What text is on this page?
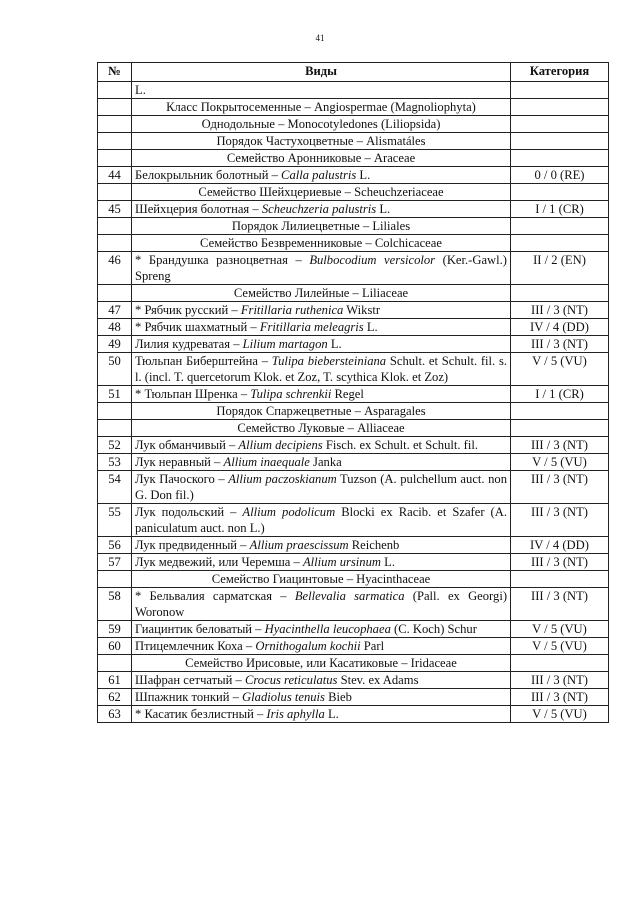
41
№	Виды	Категория
	L.	
	Класс Покрытосеменные – Angiospermae (Magnoliophyta)	
	Однодольные – Monocotyledones (Liliopsida)	
	Порядок Частухоцветные – Alismatáles	
	Семейство Аронниковые – Araceae	
44	Белокрыльник болотный – Calla palustris L.	0 / 0 (RE)
	Семейство Шейхцериевые – Scheuchzeriaceae	
45	Шейхцерия болотная – Scheuchzeria palustris L.	I / 1 (CR)
	Порядок Лилиецветные – Liliales	
	Семейство Безвременниковые – Colchicaceae	
46	* Брандушка разноцветная – Bulbocodium versicolor (Ker.-Gawl.) Spreng	II / 2 (EN)
	Семейство Лилейные – Liliaceae	
47	* Рябчик русский – Fritillaria ruthenica Wikstr	III / 3 (NT)
48	* Рябчик шахматный – Fritillaria meleagris L.	IV / 4 (DD)
49	Лилия кудреватая – Lilium martagon L.	III / 3 (NT)
50	Тюльпан Биберштейна – Tulipa biebersteiniana Schult. et Schult. fil. s. l. (incl. T. quercetorum Klok. et Zoz, T. scythica Klok. et Zoz)	V / 5 (VU)
51	* Тюльпан Шренка – Tulipa schrenkii Regel	I / 1 (CR)
	Порядок Спаржецветные – Asparagales	
	Семейство Луковые – Alliaceae	
52	Лук обманчивый – Allium decipiens Fisch. ex Schult. et Schult. fil.	III / 3 (NT)
53	Лук неравный – Allium inaequale Janka	V / 5 (VU)
54	Лук Пачоского – Allium paczoskianum Tuzson (A. pulchellum auct. non G. Don fil.)	III / 3 (NT)
55	Лук подольский – Allium podolicum Blocki ex Racib. et Szafer (A. paniculatum auct. non L.)	III / 3 (NT)
56	Лук предвиденный – Allium praescissum Reichenb	IV / 4 (DD)
57	Лук медвежий, или Черемша – Allium ursinum L.	III / 3 (NT)
	Семейство Гиацинтовые – Hyacinthaceae	
58	* Бельвалия сарматская – Bellevalia sarmatica (Pall. ex Georgi) Woronow	III / 3 (NT)
59	Гиацинтик беловатый – Hyacinthella leucophaea (C. Koch) Schur	V / 5 (VU)
60	Птицемлечник Коха – Ornithogalum kochii Parl	V / 5 (VU)
	Семейство Ирисовые, или Касатиковые – Iridaceae	
61	Шафран сетчатый – Crocus reticulatus Stev. ex Adams	III / 3 (NT)
62	Шпажник тонкий – Gladiolus tenuis Bieb	III / 3 (NT)
63	* Касатик безлистный – Iris aphylla L.	V / 5 (VU)
